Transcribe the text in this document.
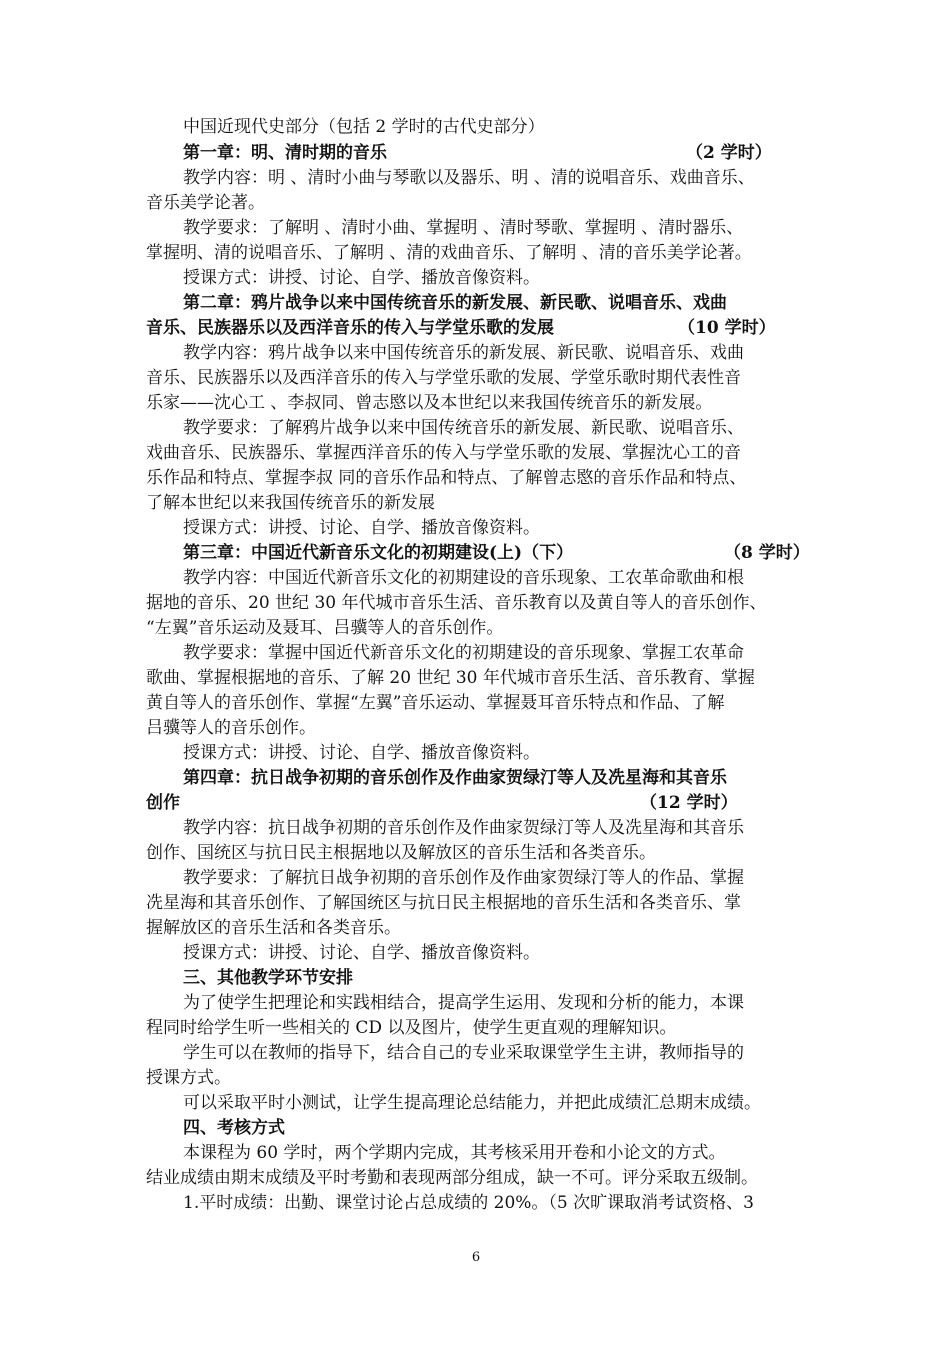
中国近现代史部分（包括 2 学时的古代史部分）
第一章：明、清时期的音乐	（2 学时）
教学内容：明 、清时小曲与琴歌以及器乐、明 、清的说唱音乐、戏曲音乐、
音乐美学论著。
教学要求：了解明 、清时小曲、掌握明 、清时琴歌、掌握明 、清时器乐、
掌握明、清的说唱音乐、了解明 、清的戏曲音乐、了解明 、清的音乐美学论著。
授课方式：讲授、讨论、自学、播放音像资料。
第二章：鸦片战争以来中国传统音乐的新发展、新民歌、说唱音乐、戏曲
音乐、民族器乐以及西洋音乐的传入与学堂乐歌的发展	（10 学时）
教学内容：鸦片战争以来中国传统音乐的新发展、新民歌、说唱音乐、戏曲
音乐、民族器乐以及西洋音乐的传入与学堂乐歌的发展、学堂乐歌时期代表性音
乐家——沈心工 、李叔同、曾志愍以及本世纪以来我国传统音乐的新发展。
教学要求：了解鸦片战争以来中国传统音乐的新发展、新民歌、说唱音乐、
戏曲音乐、民族器乐、掌握西洋音乐的传入与学堂乐歌的发展、掌握沈心工的音
乐作品和特点、掌握李叔 同的音乐作品和特点、了解曾志愍的音乐作品和特点、
了解本世纪以来我国传统音乐的新发展
授课方式：讲授、讨论、自学、播放音像资料。
第三章：中国近代新音乐文化的初期建设(上)（下）	（8 学时）
教学内容：中国近代新音乐文化的初期建设的音乐现象、工农革命歌曲和根
据地的音乐、20 世纪 30 年代城市音乐生活、音乐教育以及黄自等人的音乐创作、
“左翼”音乐运动及聂耳、吕骥等人的音乐创作。
教学要求：掌握中国近代新音乐文化的初期建设的音乐现象、掌握工农革命
歌曲、掌握根据地的音乐、了解 20 世纪 30 年代城市音乐生活、音乐教育、掌握
黄自等人的音乐创作、掌握“左翼”音乐运动、掌握聂耳音乐特点和作品、了解
吕骥等人的音乐创作。
授课方式：讲授、讨论、自学、播放音像资料。
第四章：抗日战争初期的音乐创作及作曲家贺绿汀等人及冼星海和其音乐
创作	（12 学时）
教学内容：抗日战争初期的音乐创作及作曲家贺绿汀等人及冼星海和其音乐
创作、国统区与抗日民主根据地以及解放区的音乐生活和各类音乐。
教学要求：了解抗日战争初期的音乐创作及作曲家贺绿汀等人的作品、掌握
冼星海和其音乐创作、了解国统区与抗日民主根据地的音乐生活和各类音乐、掌
握解放区的音乐生活和各类音乐。
授课方式：讲授、讨论、自学、播放音像资料。
三、其他教学环节安排
为了使学生把理论和实践相结合，提高学生运用、发现和分析的能力，本课
程同时给学生听一些相关的 CD 以及图片，使学生更直观的理解知识。
学生可以在教师的指导下，结合自己的专业采取课堂学生主讲，教师指导的
授课方式。
可以采取平时小测试，让学生提高理论总结能力，并把此成绩汇总期末成绩。
四、考核方式
本课程为 60 学时，两个学期内完成，其考核采用开卷和小论文的方式。
结业成绩由期末成绩及平时考勤和表现两部分组成，缺一不可。评分采取五级制。
1.平时成绩：出勤、课堂讨论占总成绩的 20%。（5 次旷课取消考试资格、3
6
